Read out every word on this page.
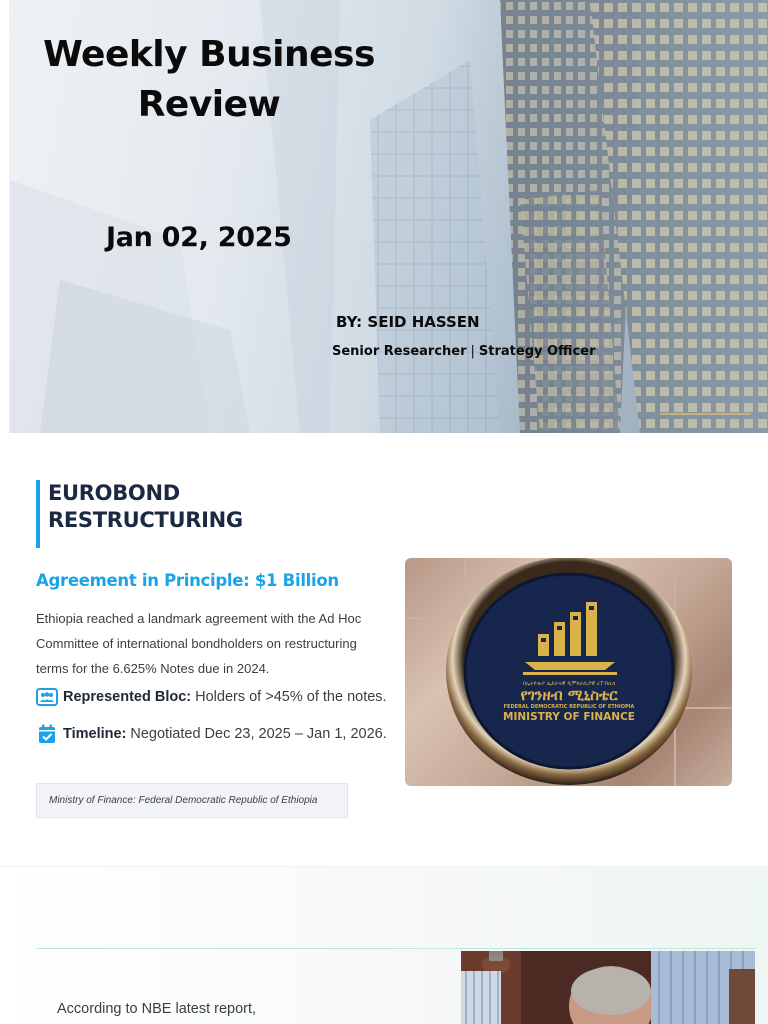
Weekly Business Review
Jan 02, 2025
BY: SEID HASSEN
Senior Researcher | Strategy Officer
EUROBOND
RESTRUCTURING
Agreement in Principle: $1 Billion
Ethiopia reached a landmark agreement with the Ad Hoc Committee of international bondholders on restructuring terms for the 6.625% Notes due in 2024.
Represented Bloc: Holders of >45% of the notes.
Timeline: Negotiated Dec 23, 2025 – Jan 1, 2026.
Ministry of Finance: Federal Democratic Republic of Ethiopia
በኢትዮጵያ ፌደራላዊ ዲሞክራሲያዊ ሪፐብሊክ
የገንዘብ ሚኒስቴር
FEDERAL DEMOCRATIC REPUBLIC OF ETHIOPIA
MINISTRY OF FINANCE
According to NBE latest report,
